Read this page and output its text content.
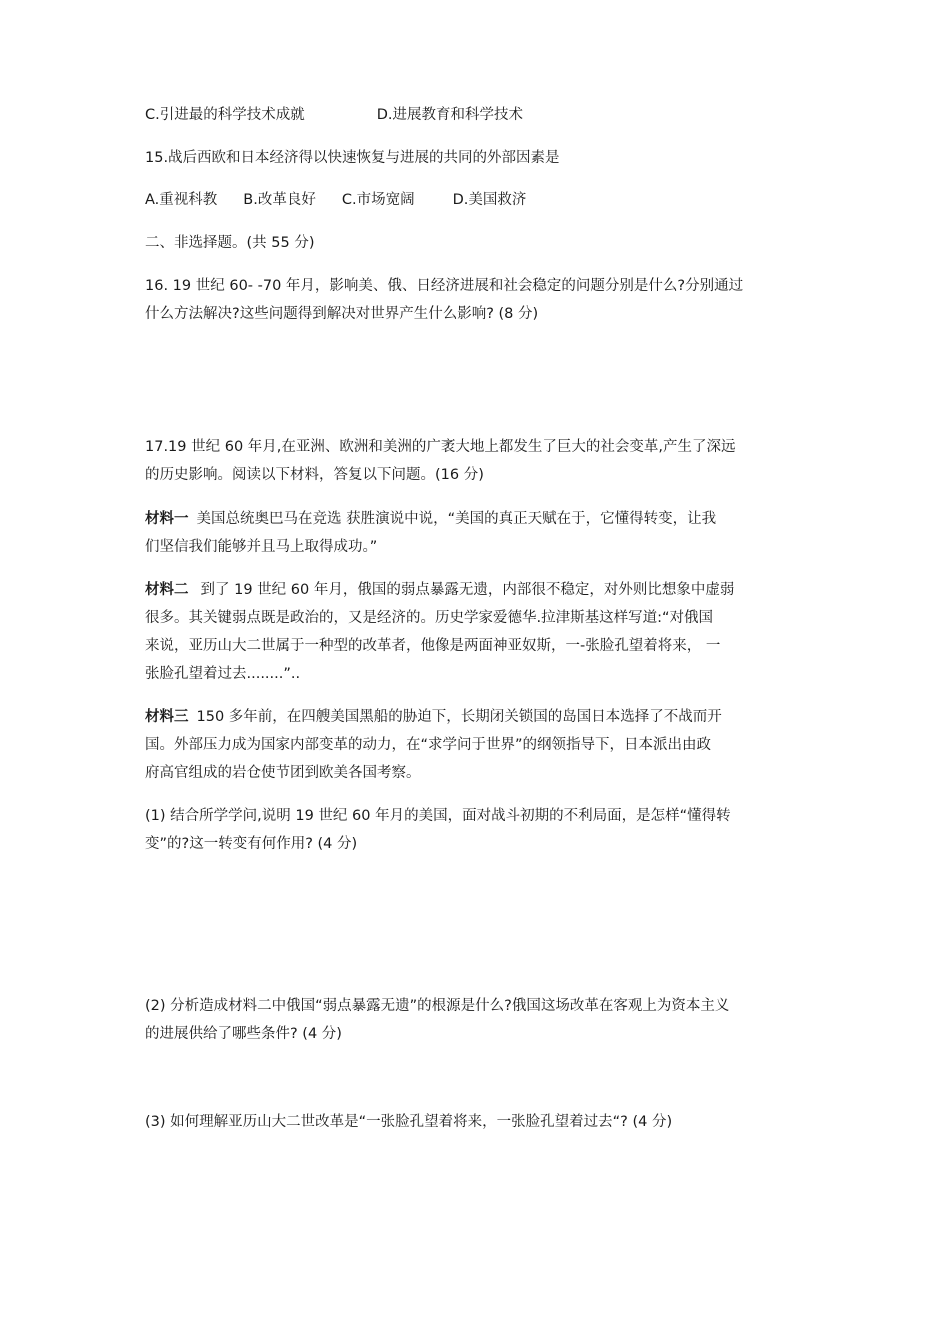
C.引进最的科学技术成就	D.进展教育和科学技术
15.战后西欧和日本经济得以快速恢复与进展的共同的外部因素是
A.重视科教 B.改革良好 C.市场宽阔	D.美国救济
二、非选择题。(共 55 分)
16. 19 世纪 60- -70 年月，影响美、俄、日经济进展和社会稳定的问题分别是什么?分别通过
什么方法解决?这些问题得到解决对世界产生什么影响? (8 分)
17.19 世纪 60 年月,在亚洲、欧洲和美洲的广袤大地上都发生了巨大的社会变革,产生了深远
的历史影响。阅读以下材料，答复以下问题。(16 分)
材料一 美国总统奥巴马在竞选 获胜演说中说，“美国的真正天赋在于，它懂得转变，让我
们坚信我们能够并且马上取得成功。”
材料二 到了 19 世纪 60 年月，俄国的弱点暴露无遗，内部很不稳定，对外则比想象中虚弱
很多。其关键弱点既是政治的，又是经济的。历史学家爱德华.拉津斯基这样写道:“对俄国
来说，亚历山大二世属于一种型的改革者，他像是两面神亚奴斯，一-张脸孔望着将来， 一
张脸孔望着过去........”..
材料三 150 多年前，在四艘美国黑船的胁迫下，长期闭关锁国的岛国日本选择了不战而开
国。外部压力成为国家内部变革的动力，在“求学问于世界”的纲领指导下，日本派出由政
府高官组成的岩仓使节团到欧美各国考察。
(1) 结合所学学问,说明 19 世纪 60 年月的美国，面对战斗初期的不利局面，是怎样“懂得转
变”的?这一转变有何作用? (4 分)
(2) 分析造成材料二中俄国“弱点暴露无遗”的根源是什么?俄国这场改革在客观上为资本主义
的进展供给了哪些条件? (4 分)
(3) 如何理解亚历山大二世改革是“一张脸孔望着将来，一张脸孔望着过去“? (4 分)
